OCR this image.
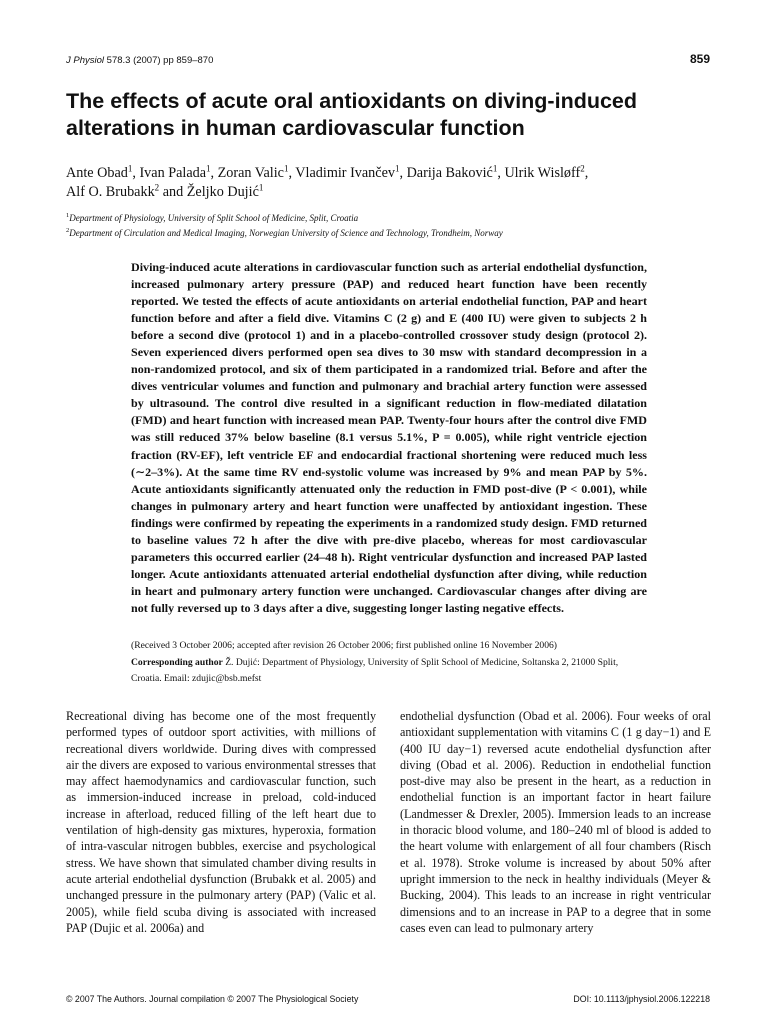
J Physiol 578.3 (2007) pp 859–870	859
The effects of acute oral antioxidants on diving-induced alterations in human cardiovascular function
Ante Obad$^1$, Ivan Palada$^1$, Zoran Valic$^1$, Vladimir Ivančev$^1$, Darija Baković$^1$, Ulrik Wisløff$^2$,
Alf O. Brubakk$^2$ and Željko Dujić$^1$
$^1$Department of Physiology, University of Split School of Medicine, Split, Croatia
$^2$Department of Circulation and Medical Imaging, Norwegian University of Science and Technology, Trondheim, Norway

Diving-induced acute alterations in cardiovascular function such as arterial endothelial dysfunction, increased pulmonary artery pressure (PAP) and reduced heart function have been recently reported. We tested the effects of acute antioxidants on arterial endothelial function, PAP and heart function before and after a field dive. Vitamins C (2 g) and E (400 IU) were given to subjects 2 h before a second dive (protocol 1) and in a placebo-controlled crossover study design (protocol 2). Seven experienced divers performed open sea dives to 30 msw with standard decompression in a non-randomized protocol, and six of them participated in a randomized trial. Before and after the dives ventricular volumes and function and pulmonary and brachial artery function were assessed by ultrasound. The control dive resulted in a significant reduction in flow-mediated dilatation (FMD) and heart function with increased mean PAP. Twenty-four hours after the control dive FMD was still reduced 37% below baseline (8.1 versus 5.1%, P = 0.005), while right ventricle ejection fraction (RV-EF), left ventricle EF and endocardial fractional shortening were reduced much less (∼2–3%). At the same time RV end-systolic volume was increased by 9% and mean PAP by 5%. Acute antioxidants significantly attenuated only the reduction in FMD post-dive (P < 0.001), while changes in pulmonary artery and heart function were unaffected by antioxidant ingestion. These findings were confirmed by repeating the experiments in a randomized study design. FMD returned to baseline values 72 h after the dive with pre-dive placebo, whereas for most cardiovascular parameters this occurred earlier (24–48 h). Right ventricular dysfunction and increased PAP lasted longer. Acute antioxidants attenuated arterial endothelial dysfunction after diving, while reduction in heart and pulmonary artery function were unchanged. Cardiovascular changes after diving are not fully reversed up to 3 days after a dive, suggesting longer lasting negative effects.

(Received 3 October 2006; accepted after revision 26 October 2006; first published online 16 November 2006)
Corresponding author Ž. Dujić: Department of Physiology, University of Split School of Medicine, Soltanska 2, 21000 Split, Croatia. Email: zdujic@bsb.mefst

Recreational diving has become one of the most frequently performed types of outdoor sport activities, with millions of recreational divers worldwide. During dives with compressed air the divers are exposed to various environmental stresses that may affect haemodynamics and cardiovascular function, such as immersion-induced increase in preload, cold-induced increase in afterload, reduced filling of the left heart due to ventilation of high-density gas mixtures, hyperoxia, formation of intra-vascular nitrogen bubbles, exercise and psychological stress. We have shown that simulated chamber diving results in acute arterial endothelial dysfunction (Brubakk et al. 2005) and unchanged pressure in the pulmonary artery (PAP) (Valic et al. 2005), while field scuba diving is associated with increased PAP (Dujic et al. 2006a) and

endothelial dysfunction (Obad et al. 2006). Four weeks of oral antioxidant supplementation with vitamins C (1 g day−1) and E (400 IU day−1) reversed acute endothelial dysfunction after diving (Obad et al. 2006). Reduction in endothelial function post-dive may also be present in the heart, as a reduction in endothelial function is an important factor in heart failure (Landmesser & Drexler, 2005). Immersion leads to an increase in thoracic blood volume, and 180–240 ml of blood is added to the heart volume with enlargement of all four chambers (Risch et al. 1978). Stroke volume is increased by about 50% after upright immersion to the neck in healthy individuals (Meyer & Bucking, 2004). This leads to an increase in right ventricular dimensions and to an increase in PAP to a degree that in some cases even can lead to pulmonary artery

© 2007 The Authors. Journal compilation © 2007 The Physiological Society	DOI: 10.1113/jphysiol.2006.122218
